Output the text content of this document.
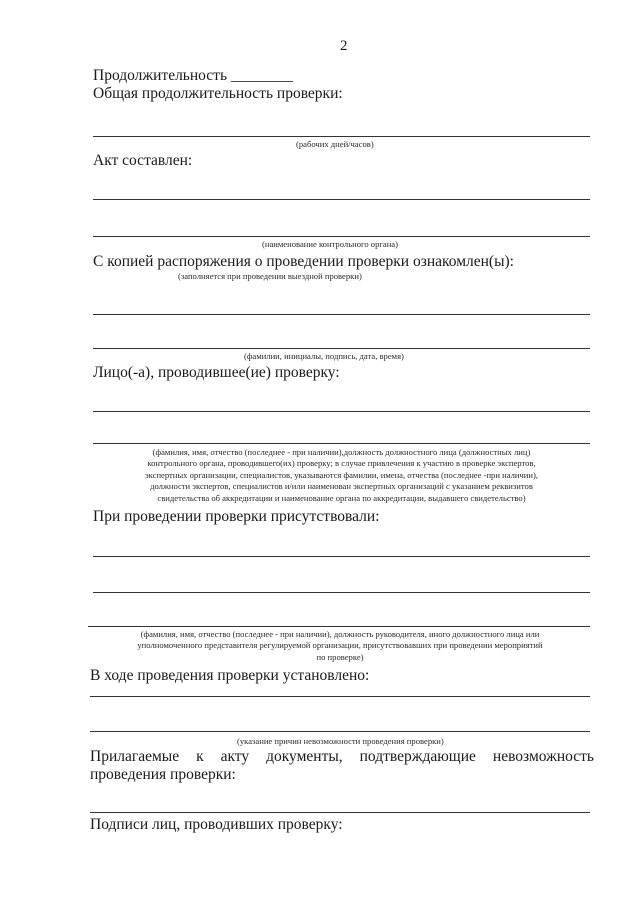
2
Продолжительность ________
Общая продолжительность проверки:
(рабочих дней/часов)
Акт составлен:
(наименование контрольного органа)
С копией распоряжения о проведении проверки ознакомлен(ы):
(заполняется при проведении выездной проверки)
(фамилии, инициалы, подпись, дата, время)
Лицо(-а), проводившее(ие) проверку:
(фамилия, имя, отчество (последнее - при наличии),должность должностного лица (должностных лиц)
контрольного органа, проводившего(их) проверку; в случае привлечения к участию в проверке экспертов,
экспертных организации, специалистов, указываются фамилии, имена, отчества (последнее -при наличии),
должности экспертов, специалистов и/или наименован экспертных организаций с указанием реквизитов
свидетельства об аккредитации и наименование органа по аккредитации, выдавшего свидетельство)
При проведении проверки присутствовали:
(фамилия, имя, отчество (последнее - при наличии), должность руководителя, иного должностного лица или
уполномоченного представителя регулируемой организации, присутствовавших при проведении мероприятий
по проверке)
В ходе проведения проверки установлено:
(указание причин невозможности проведения проверки)
Прилагаемые к акту документы, подтверждающие невозможность проведения проверки:
Подписи лиц, проводивших проверку:
